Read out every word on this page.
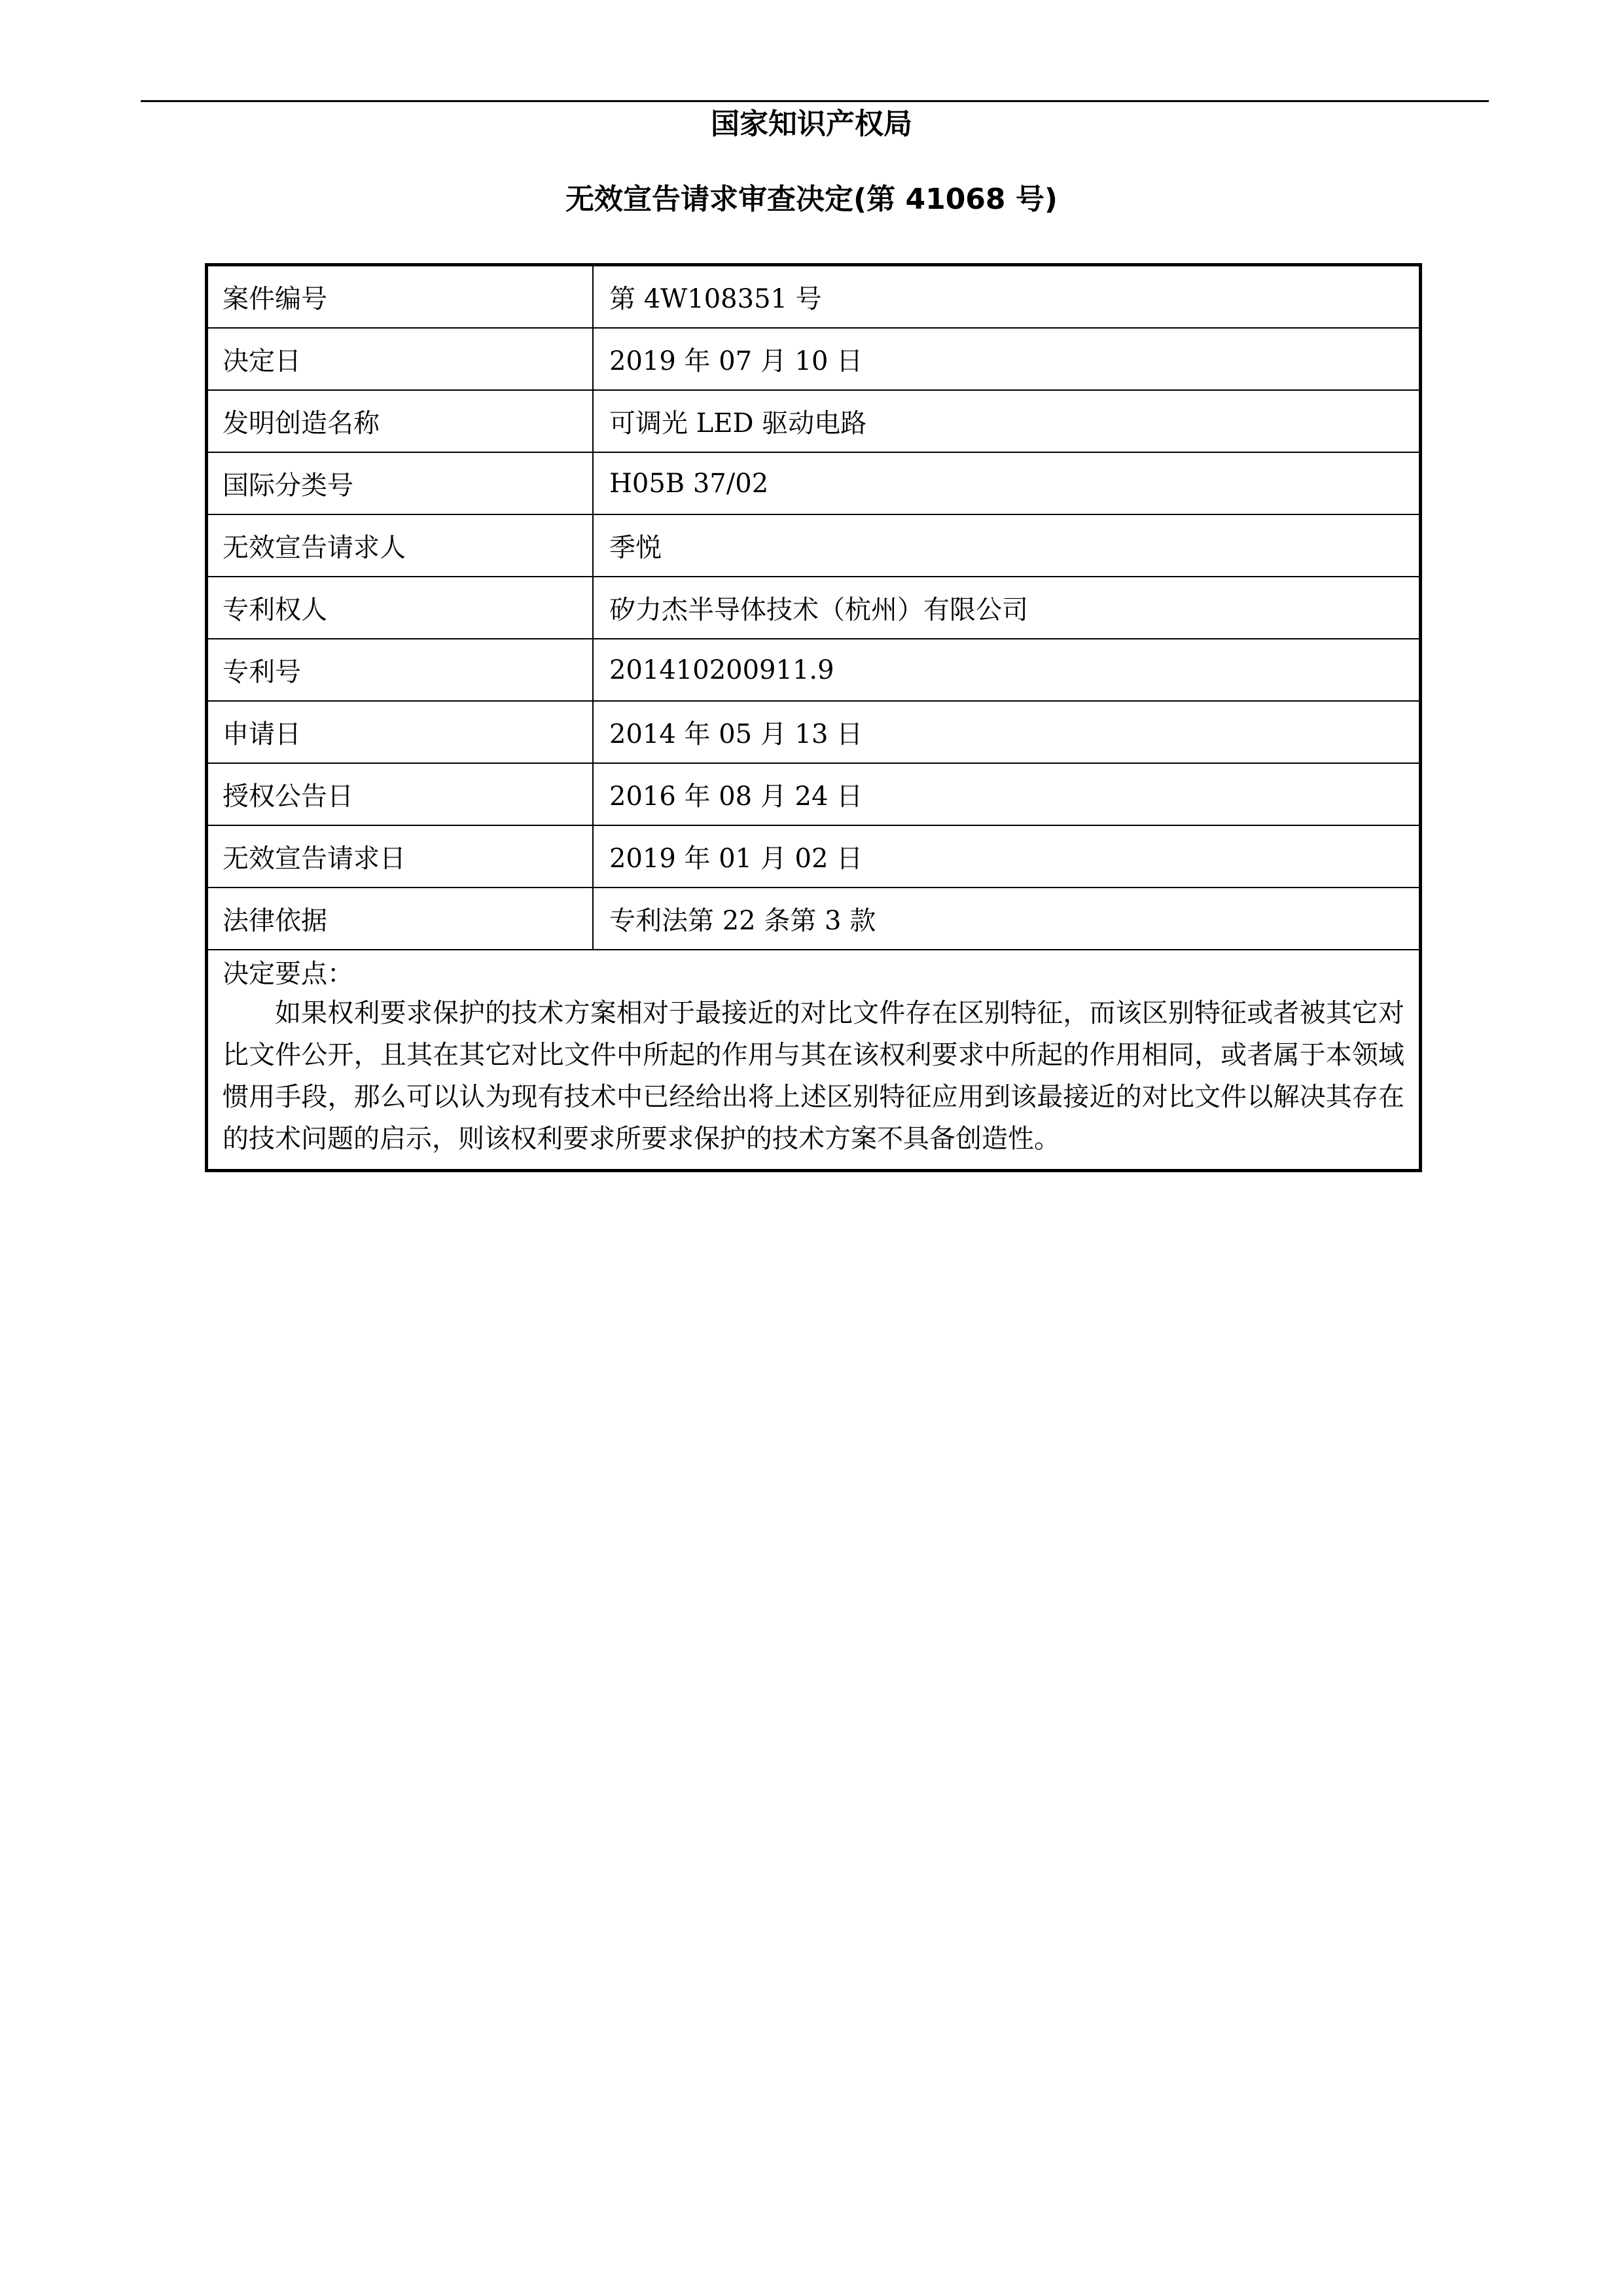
国家知识产权局
无效宣告请求审查决定(第 41068 号)
案件编号	第 4W108351 号
决定日	2019 年 07 月 10 日
发明创造名称	可调光 LED 驱动电路
国际分类号	H05B 37/02
无效宣告请求人	季悦
专利权人	矽力杰半导体技术（杭州）有限公司
专利号	201410200911.9
申请日	2014 年 05 月 13 日
授权公告日	2016 年 08 月 24 日
无效宣告请求日	2019 年 01 月 02 日
法律依据	专利法第 22 条第 3 款
决定要点：

如果权利要求保护的技术方案相对于最接近的对比文件存在区别特征，而该区别特征或者被其它对比文件公开，且其在其它对比文件中所起的作用与其在该权利要求中所起的作用相同，或者属于本领域惯用手段，那么可以认为现有技术中已经给出将上述区别特征应用到该最接近的对比文件以解决其存在的技术问题的启示，则该权利要求所要求保护的技术方案不具备创造性。
